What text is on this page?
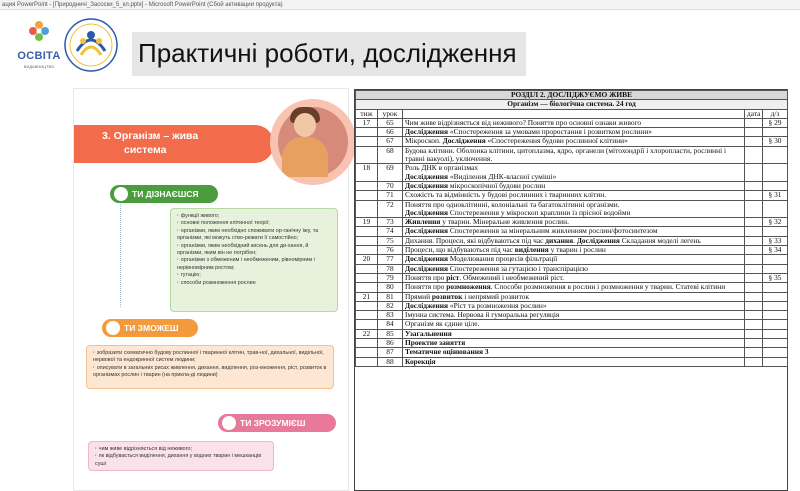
ация PowerPoint - [Природничі_Засоски_5_кл.pptx] - Microsoft PowerPoint (Сбой активации продукта)
ОСВІТА
ВИДАВНИЦТВО	Практичні роботи, дослідження
3. Організм – жива
система
ТИ ДІЗНАЄШСЯ ПРО	· функції живого;
· основні положення клітинної теорії;
· організми, яким необхідно споживати ор-ганічну їжу, та організми, які можуть ство-рювати її самостійно;
· організми, яким необхідний кисень для ди-хання, й організми, яким він не потрібен;
· організми з обмеженим і необмеженим, рівномірним і нерівномірним ростом;
· гутацію;
· способи розмноження рослин
ТИ ЗМОЖЕШ
· зобразити схематично будову рослинної і тваринної клітин, трав-ної, дихальної, видільної, нервової та ендокринної систем людини;
· описувати в загальних рисах живлення, дихання, виділення, роз-множення, ріст, розвиток в організмах рослин і тварин (на прикла-ді людини)
ТИ ЗРОЗУМІЄШ
· чим живе відрізняється від неживого;
· як відбувається виділення, дихання у водних тварин і мешканців суші
РОЗДІЛ 2. ДОСЛІДЖУЄМО ЖИВЕ				
Організм — біологічна система. 24 год				
тиж	урок		дата	д/з
17	65	Чим живе відрізняється від неживого? Поняття про основні ознаки живого		§ 29
	66	Дослідження «Спостереження за умовами проростання і розвитком рослини»		
	67	Мікроскоп. Дослідження «Спостереження будови рослинної клітини»		§ 30
	68	Будова клітини. Оболонка клітини, цитоплазма, ядро, органели (мітохондрії і хлоропласти, рослинні і травні вакуолі), уключення.		
18	69	Роль ДНК в організмах
Дослідження «Виділення ДНК-власної суміші»		
	70	Дослідження мікроскопічної будови рослин		
	71	Схожість та відмінність у будові рослинних і тваринних клітин.		§ 31
	72	Поняття про одноклітинні, колоніальні та багатоклітинні організми.
Дослідження Спостереження у мікроскоп краплини із прісної водойми		
19	73	Живлення у тварин. Мінеральне живлення рослин.		§ 32
	74	Дослідження Спостереження за мінеральним живленням рослин/фотосинтезом		
	75	Дихання. Процеси, які відбуваються під час дихання. Дослідження Складання моделі легень		§ 33
	76	Процеси, що відбуваються під час виділення у тварин і рослин		§ 34
20	77	Дослідження Моделювання процесів фільтрації		
	78	Дослідження Спостереження за гутацією і транспірацією		
	79	Поняття про ріст. Обмежений і необмежений ріст.		§ 35
	80	Поняття про розмноження. Способи розмноження в рослин і розмноження у тварин. Статеві клітини		
21	81	Прямий розвиток і непрямий розвиток		
	82	Дослідження «Ріст та розмноження рослин»		
	83	Імунна система. Нервова й гуморальна регуляція		
	84	Організм як єдине ціле.		
22	85	Узагальнення		
	86	Проектне заняття		
	87	Тематичне оцінювання 3		
	88	Корекція		
